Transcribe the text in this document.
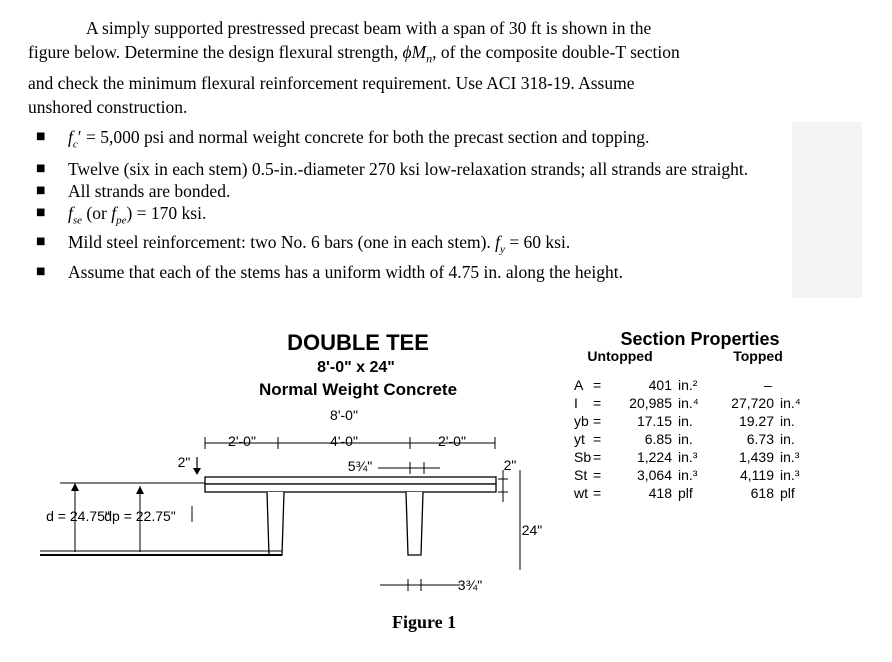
A simply supported prestressed precast beam with a span of 30 ft is shown in the
figure below. Determine the design flexural strength, $\phi M_n$, of the composite double-T section
and check the minimum flexural reinforcement requirement. Use ACI 318-19. Assume
unshored construction.

■ $f_c' = 5,000$ psi and normal weight concrete for both the precast section and topping.
■ Twelve (six in each stem) 0.5-in.-diameter 270 ksi low-relaxation strands; all strands are straight.
■ All strands are bonded.
■ $f_{se}$ (or $f_{pe}) = 170$ ksi.
■ Mild steel reinforcement: two No. 6 bars (one in each stem). $f_y = 60$ ksi.
■ Assume that each of the stems has a uniform width of 4.75 in. along the height.
DOUBLE TEE
8'-0" x 24"
Normal Weight Concrete
8'-0"
2'-0"	4'-0"	2'-0"
5¾"
2"	2"
d = 24.75"
dp = 22.75"
24"
3¾"
Section Properties
Untopped	Topped
A =	401 in.²	–
I = 20,985 in.⁴ 27,720 in.⁴
yb =	17.15 in.	19.27 in.
yt =	6.85 in.	6.73 in.
Sb =	1,224 in.³	1,439 in.³
St =	3,064 in.³	4,119 in.³
wt =	418 plf	618 plf
Figure 1
